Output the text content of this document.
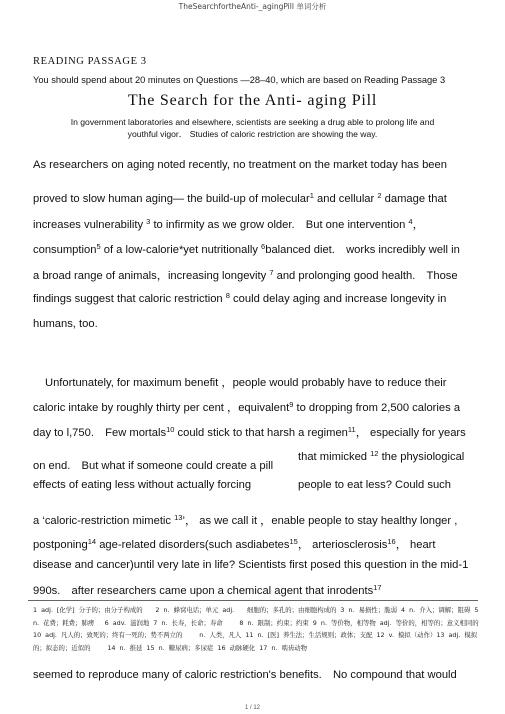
TheSearchfortheAnti-_agingPill 单词分析
READING PASSAGE 3
You should spend about 20 minutes on Questions —28–40, which are based on Reading Passage 3
The Search for the Anti- aging Pill
In government laboratories and elsewhere, scientists are seeking a drug able to prolong life and youthful vigor． Studies of caloric restriction are showing the way.
As researchers on aging noted recently, no treatment on the market today has been
proved to slow human aging— the build-up of molecular$^1$ and cellular $^2$ damage that
increases vulnerability $^3$ to infirmity as we grow older.　But one intervention $^4$，
consumption$^5$ of a low-calorie*yet nutritionally $^6$balanced diet.　works incredibly well in
a broad range of animals，increasing longevity $^7$ and prolonging good health.　Those
findings suggest that caloric restriction $^8$ could delay aging and increase longevity in
humans, too.
Unfortunately, for maximum benefit ，people would probably have to reduce their
caloric intake by roughly thirty per cent ，equivalent$^9$ to dropping from 2,500 calories a
day to l,750.　Few mortals$^{10}$ could stick to that harsh a regimen$^{11}$， especially for years
on end.　But what if someone could create a pill
that mimicked $^{12}$ the physiological
effects of eating less without actually forcing	people to eat less? Could such
a ‘caloric-restriction mimetic $^{13}$’， as we call it ，enable people to stay healthy longer ,
postponing$^{14}$ age-related disorders(such asdiabetes$^{15}$， arteriosclerosis$^{16}$， heart
disease and cancer)until very late in life? Scientists first posed this question in the mid-1
990s.　after researchers came upon a chemical agent that inrodents$^{17}$
1 adj. [化学] 分子的；由分子构成的　　2 n. 蜂窝电话；单元 adj.　　细胞的；多孔的；由细胞构成的 3 n. 易损性；脆弱 4 n. 介入；调解；阻碍 5 n. 花费；耗费；肺痨　 6 adv. 滋润地 7 n. 长寿，长命；寿命　　 8 n. 限制；约束；约束 9 n. 等价物，相等物 adj. 等价的，相等的；意义相同的　 10 adj. 凡人的；致死的；终有一死的；势不两立的　　 n. 人类，凡人 11 n. [医] 养生法；生活规则；政体；支配 12 v. 模拟（动作）13 adj. 模拟的；拟态的；近似的　　 14 n. 推延 15 n. 糖尿病；多尿症 16 动脉硬化 17 n. 啮齿动物
seemed to reproduce many of caloric restriction's benefits.　No compound that would
1 / 12
